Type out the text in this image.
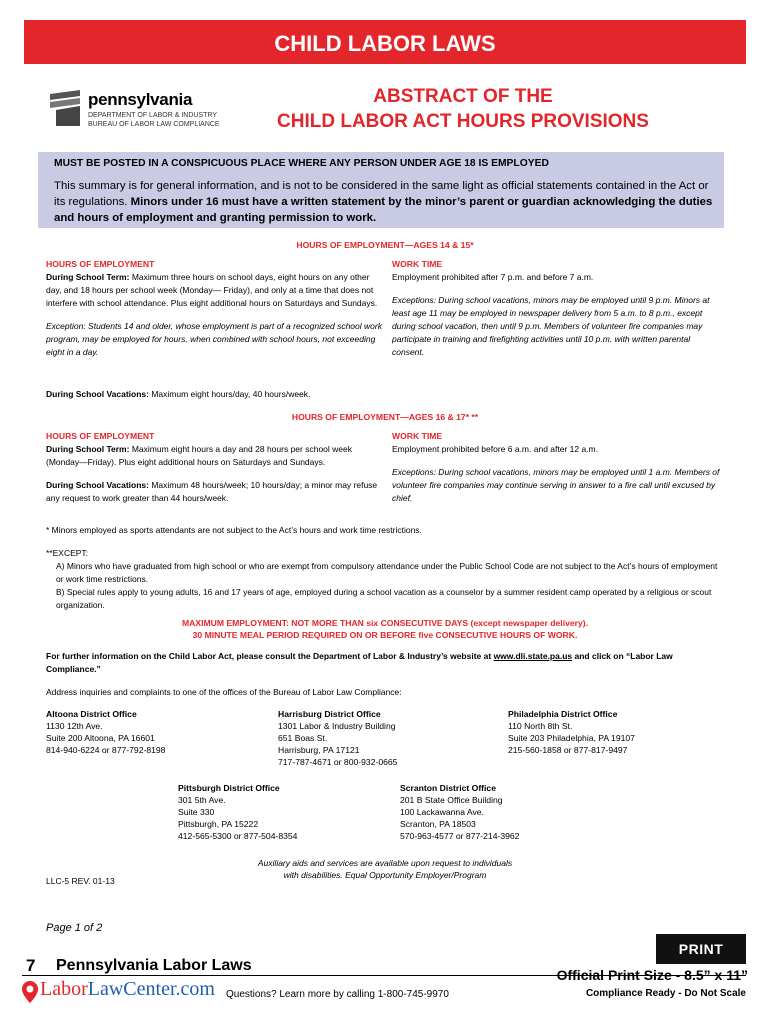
CHILD LABOR LAWS
pennsylvania
DEPARTMENT OF LABOR & INDUSTRY
BUREAU OF LABOR LAW COMPLIANCE
ABSTRACT OF THE
CHILD LABOR ACT HOURS PROVISIONS
MUST BE POSTED IN A CONSPICUOUS PLACE WHERE ANY PERSON UNDER AGE 18 IS EMPLOYED
This summary is for general information, and is not to be considered in the same light as official statements contained in the Act or its regulations. Minors under 16 must have a written statement by the minor’s parent or guardian acknowledging the duties and hours of employment and granting permission to work.
HOURS OF EMPLOYMENT—AGES 14 & 15*
HOURS OF EMPLOYMENT
During School Term: Maximum three hours on school days, eight hours on any other day, and 18 hours per school week (Monday— Friday), and only at a time that does not interfere with school attendance. Plus eight additional hours on Saturdays and Sundays.
Exception: Students 14 and older, whose employment is part of a recognized school work program, may be employed for hours, when combined with school hours, not exceeding eight in a day.
WORK TIME
Employment prohibited after 7 p.m. and before 7 a.m.
Exceptions: During school vacations, minors may be employed until 9 p.m. Minors at least age 11 may be employed in newspaper delivery from 5 a.m. to 8 p.m., except during school vacation, then until 9 p.m. Members of volunteer fire companies may participate in training and firefighting activities until 10 p.m. with written parental consent.
During School Vacations: Maximum eight hours/day, 40 hours/week.
HOURS OF EMPLOYMENT—AGES 16 & 17* **
HOURS OF EMPLOYMENT
During School Term: Maximum eight hours a day and 28 hours per school week (Monday—Friday). Plus eight additional hours on Saturdays and Sundays.
During School Vacations: Maximum 48 hours/week; 10 hours/day; a minor may refuse any request to work greater than 44 hours/week.
WORK TIME
Employment prohibited before 6 a.m. and after 12 a.m.
Exceptions: During school vacations, minors may be employed until 1 a.m. Members of volunteer fire companies may continue serving in answer to a fire call until excused by chief.
* Minors employed as sports attendants are not subject to the Act’s hours and work time restrictions.
**EXCEPT:
A) Minors who have graduated from high school or who are exempt from compulsory attendance under the Public School Code are not subject to the Act’s hours of employment or work time restrictions.
B) Special rules apply to young adults, 16 and 17 years of age, employed during a school vacation as a counselor by a summer resident camp operated by a religious or scout organization.
MAXIMUM EMPLOYMENT: NOT MORE THAN six CONSECUTIVE DAYS (except newspaper delivery).
30 MINUTE MEAL PERIOD REQUIRED ON OR BEFORE five CONSECUTIVE HOURS OF WORK.
For further information on the Child Labor Act, please consult the Department of Labor & Industry’s website at www.dli.state.pa.us and click on “Labor Law Compliance.”
Address inquiries and complaints to one of the offices of the Bureau of Labor Law Compliance:
Altoona District Office
1130 12th Ave.
Suite 200 Altoona, PA 16601
814-940-6224 or 877-792-8198
Harrisburg District Office
1301 Labor & Industry Building
651 Boas St.
Harrisburg, PA 17121
717-787-4671 or 800-932-0665
Philadelphia District Office
110 North 8th St.
Suite 203 Philadelphia, PA 19107
215-560-1858 or 877-817-9497
Pittsburgh District Office
301 5th Ave.
Suite 330
Pittsburgh, PA 15222
412-565-5300 or 877-504-8354
Scranton District Office
201 B State Office Building
100 Lackawanna Ave.
Scranton, PA 18503
570-963-4577 or 877-214-3962
LLC-5 REV. 01-13
Auxiliary aids and services are available upon request to individuals
with disabilities. Equal Opportunity Employer/Program
Page 1 of 2
PRINT
7 Pennsylvania Labor Laws
Official Print Size - 8.5” x 11”
LaborLawCenter.com Questions? Learn more by calling 1-800-745-9970	Compliance Ready - Do Not Scale
